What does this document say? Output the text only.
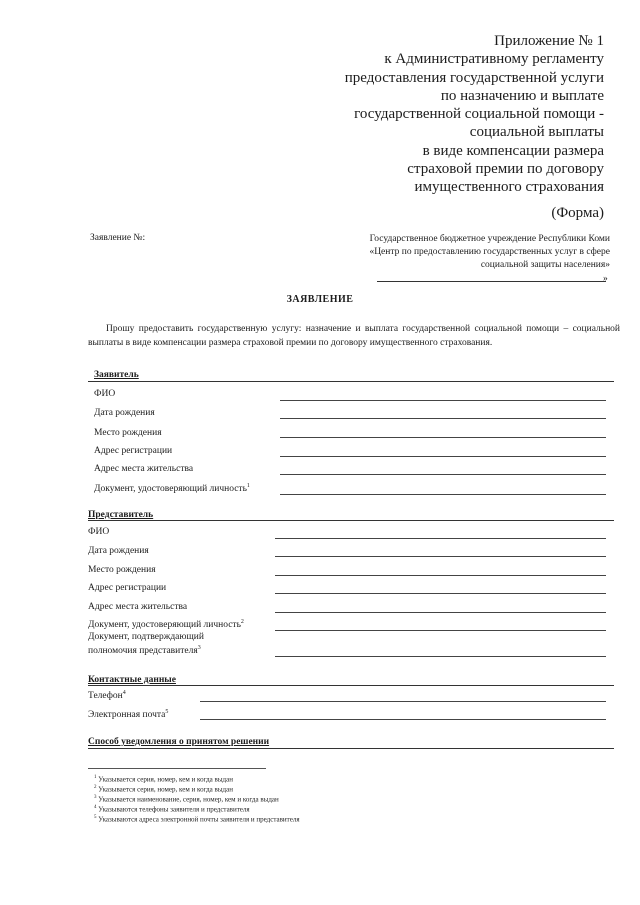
Приложение № 1
к Административному регламенту
предоставления государственной услуги
по назначению и выплате
государственной социальной помощи -
социальной выплаты
в виде компенсации размера
страховой премии по договору
имущественного страхования
(Форма)
Заявление №:	Государственное бюджетное учреждение Республики Коми
«Центр по предоставлению государственных услуг в сфере
социальной защиты населения»
»
ЗАЯВЛЕНИЕ
Прошу предоставить государственную услугу: назначение и выплата государственной социальной помощи – социальной выплаты в виде компенсации размера страховой премии по договору имущественного страхования.
Заявитель
ФИО
Дата рождения
Место рождения
Адрес регистрации
Адрес места жительства
Документ, удостоверяющий личность$^1$
Представитель
ФИО
Дата рождения
Место рождения
Адрес регистрации
Адрес места жительства
Документ, удостоверяющий личность$^2$
Документ, подтверждающий
полномочия представителя$^3$
Контактные данные
Телефон$^4$
Электронная почта$^5$
Способ уведомления о принятом решении
$^1$ Указывается серия, номер, кем и когда выдан
$^2$ Указывается серия, номер, кем и когда выдан
$^3$ Указывается наименование, серия, номер, кем и когда выдан
$^4$ Указываются телефоны заявителя и представителя
$^5$ Указываются адреса электронной почты заявителя и представителя
